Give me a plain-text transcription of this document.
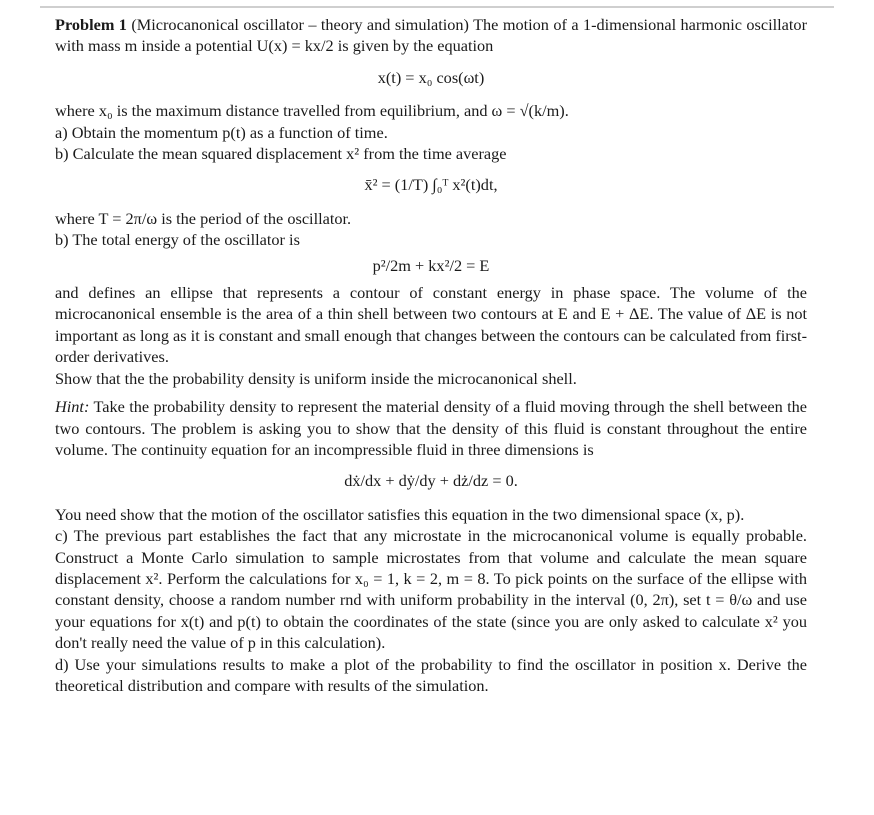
Problem 1 (Microcanonical oscillator – theory and simulation) The motion of a 1-dimensional harmonic oscillator with mass m inside a potential U(x) = kx/2 is given by the equation

x(t) = x₀ cos(ωt)

where x₀ is the maximum distance travelled from equilibrium, and ω = √(k/m).

a) Obtain the momentum p(t) as a function of time.

b) Calculate the mean squared displacement x² from the time average

x̄² = (1/T) ∫₀ᵀ x²(t)dt,

where T = 2π/ω is the period of the oscillator.

b) The total energy of the oscillator is

p²/2m + kx²/2 = E

and defines an ellipse that represents a contour of constant energy in phase space. The volume of the microcanonical ensemble is the area of a thin shell between two contours at E and E + ΔE. The value of ΔE is not important as long as it is constant and small enough that changes between the contours can be calculated from first-order derivatives.

Show that the the probability density is uniform inside the microcanonical shell.

Hint: Take the probability density to represent the material density of a fluid moving through the shell between the two contours. The problem is asking you to show that the density of this fluid is constant throughout the entire volume. The continuity equation for an incompressible fluid in three dimensions is

dẋ/dx + dẏ/dy + dż/dz = 0.

You need show that the motion of the oscillator satisfies this equation in the two dimensional space (x, p).

c) The previous part establishes the fact that any microstate in the microcanonical volume is equally probable. Construct a Monte Carlo simulation to sample microstates from that volume and calculate the mean square displacement x². Perform the calculations for x₀ = 1, k = 2, m = 8. To pick points on the surface of the ellipse with constant density, choose a random number rnd with uniform probability in the interval (0, 2π), set t = θ/ω and use your equations for x(t) and p(t) to obtain the coordinates of the state (since you are only asked to calculate x² you don't really need the value of p in this calculation).

d) Use your simulations results to make a plot of the probability to find the oscillator in position x. Derive the theoretical distribution and compare with results of the simulation.
